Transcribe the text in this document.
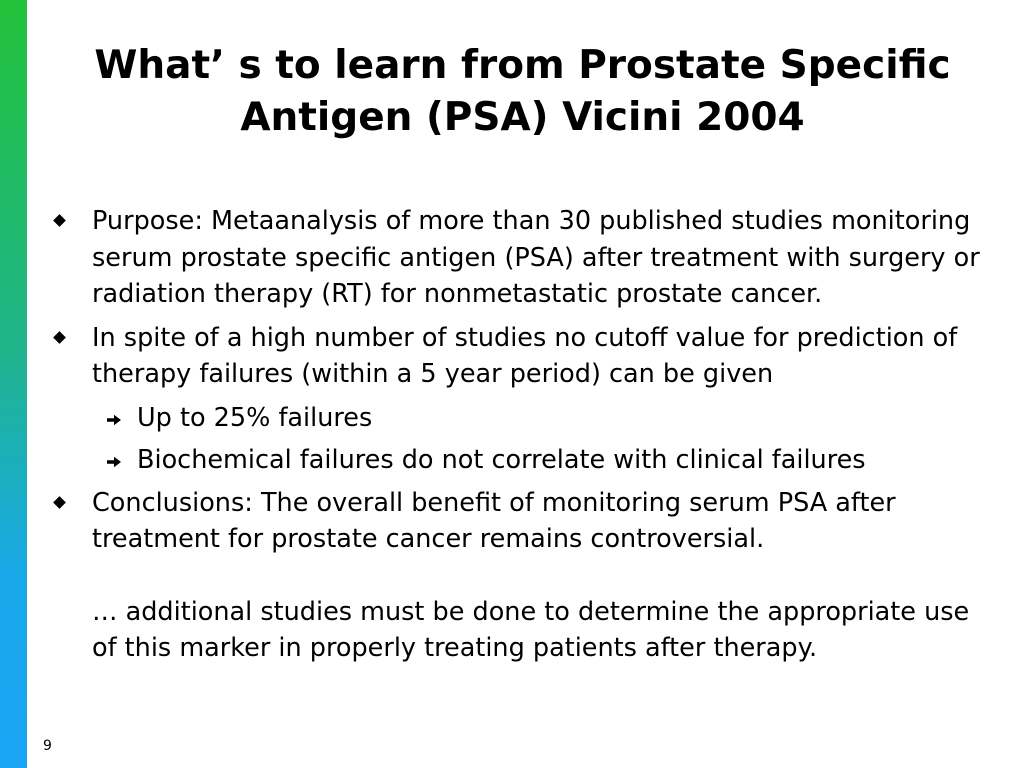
What’ s to learn from Prostate Specific
Antigen (PSA) Vicini 2004
Purpose: Metaanalysis of more than 30 published studies monitoring serum prostate specific antigen (PSA) after treatment with surgery or radiation therapy (RT) for nonmetastatic prostate cancer.
In spite of a high number of studies no cutoff value for prediction of therapy failures (within a 5 year period) can be given
Up to 25% failures
Biochemical failures do not correlate with clinical failures
Conclusions: The overall benefit of monitoring serum PSA after treatment for prostate cancer remains controversial.
… additional studies must be done to determine the appropriate use of this marker in properly treating patients after therapy.
9
